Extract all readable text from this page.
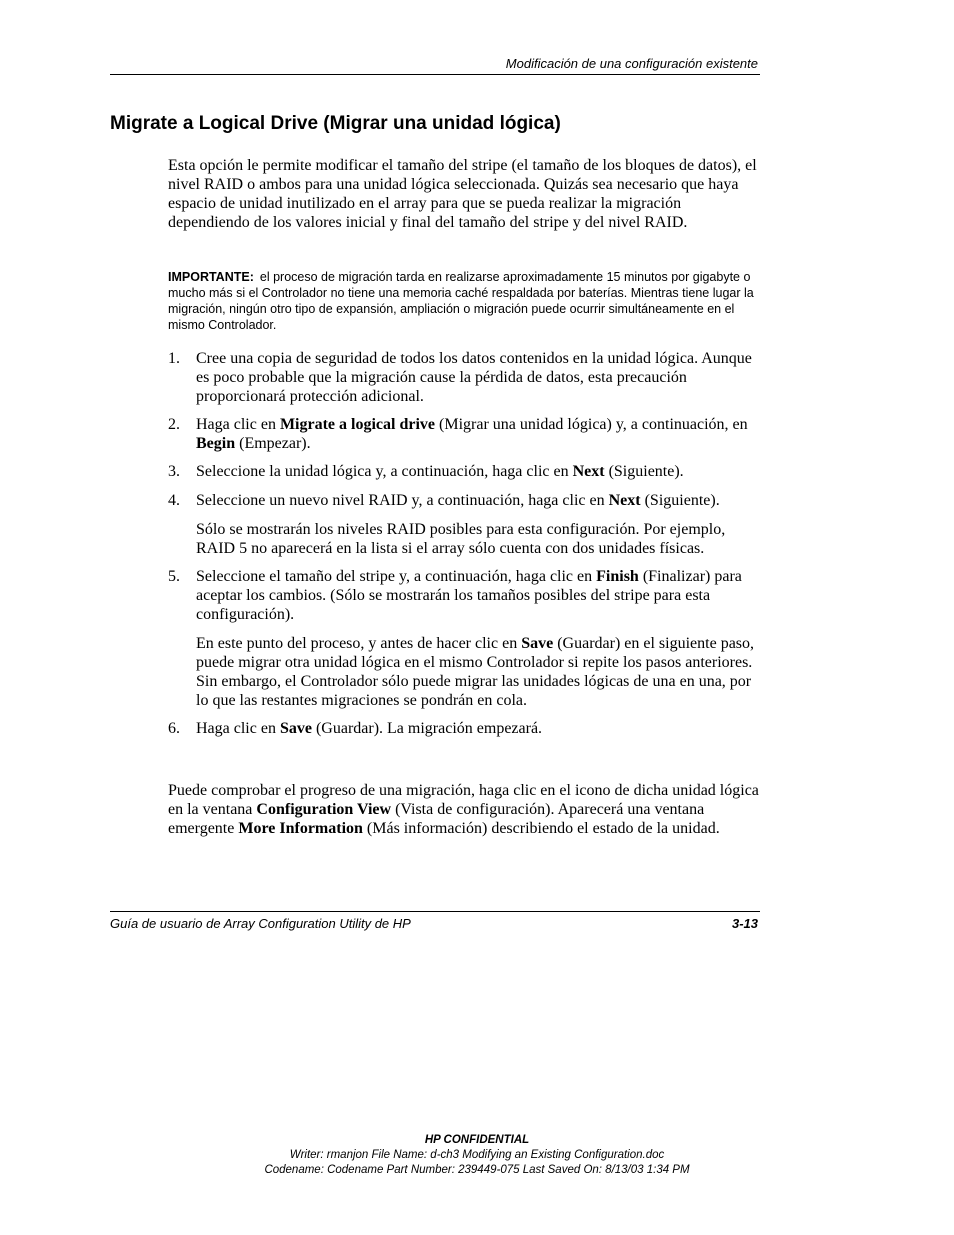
Modificación de una configuración existente
Migrate a Logical Drive (Migrar una unidad lógica)

Esta opción le permite modificar el tamaño del stripe (el tamaño de los bloques de datos), el nivel RAID o ambos para una unidad lógica seleccionada. Quizás sea necesario que haya espacio de unidad inutilizado en el array para que se pueda realizar la migración dependiendo de los valores inicial y final del tamaño del stripe y del nivel RAID.

IMPORTANTE: el proceso de migración tarda en realizarse aproximadamente 15 minutos por gigabyte o mucho más si el Controlador no tiene una memoria caché respaldada por baterías. Mientras tiene lugar la migración, ningún otro tipo de expansión, ampliación o migración puede ocurrir simultáneamente en el mismo Controlador.
1. Cree una copia de seguridad de todos los datos contenidos en la unidad lógica. Aunque es poco probable que la migración cause la pérdida de datos, esta precaución proporcionará protección adicional.
2. Haga clic en Migrate a logical drive (Migrar una unidad lógica) y, a continuación, en Begin (Empezar).
3. Seleccione la unidad lógica y, a continuación, haga clic en Next (Siguiente).
4. Seleccione un nuevo nivel RAID y, a continuación, haga clic en Next (Siguiente).
Sólo se mostrarán los niveles RAID posibles para esta configuración. Por ejemplo, RAID 5 no aparecerá en la lista si el array sólo cuenta con dos unidades físicas.
5. Seleccione el tamaño del stripe y, a continuación, haga clic en Finish (Finalizar) para aceptar los cambios. (Sólo se mostrarán los tamaños posibles del stripe para esta configuración).
En este punto del proceso, y antes de hacer clic en Save (Guardar) en el siguiente paso, puede migrar otra unidad lógica en el mismo Controlador si repite los pasos anteriores. Sin embargo, el Controlador sólo puede migrar las unidades lógicas de una en una, por lo que las restantes migraciones se pondrán en cola.
6. Haga clic en Save (Guardar). La migración empezará.

Puede comprobar el progreso de una migración, haga clic en el icono de dicha unidad lógica en la ventana Configuration View (Vista de configuración). Aparecerá una ventana emergente More Information (Más información) describiendo el estado de la unidad.

Guía de usuario de Array Configuration Utility de HP	3-13
HP CONFIDENTIAL
Writer: rmanjon File Name: d-ch3 Modifying an Existing Configuration.doc
Codename: Codename Part Number: 239449-075 Last Saved On: 8/13/03 1:34 PM
